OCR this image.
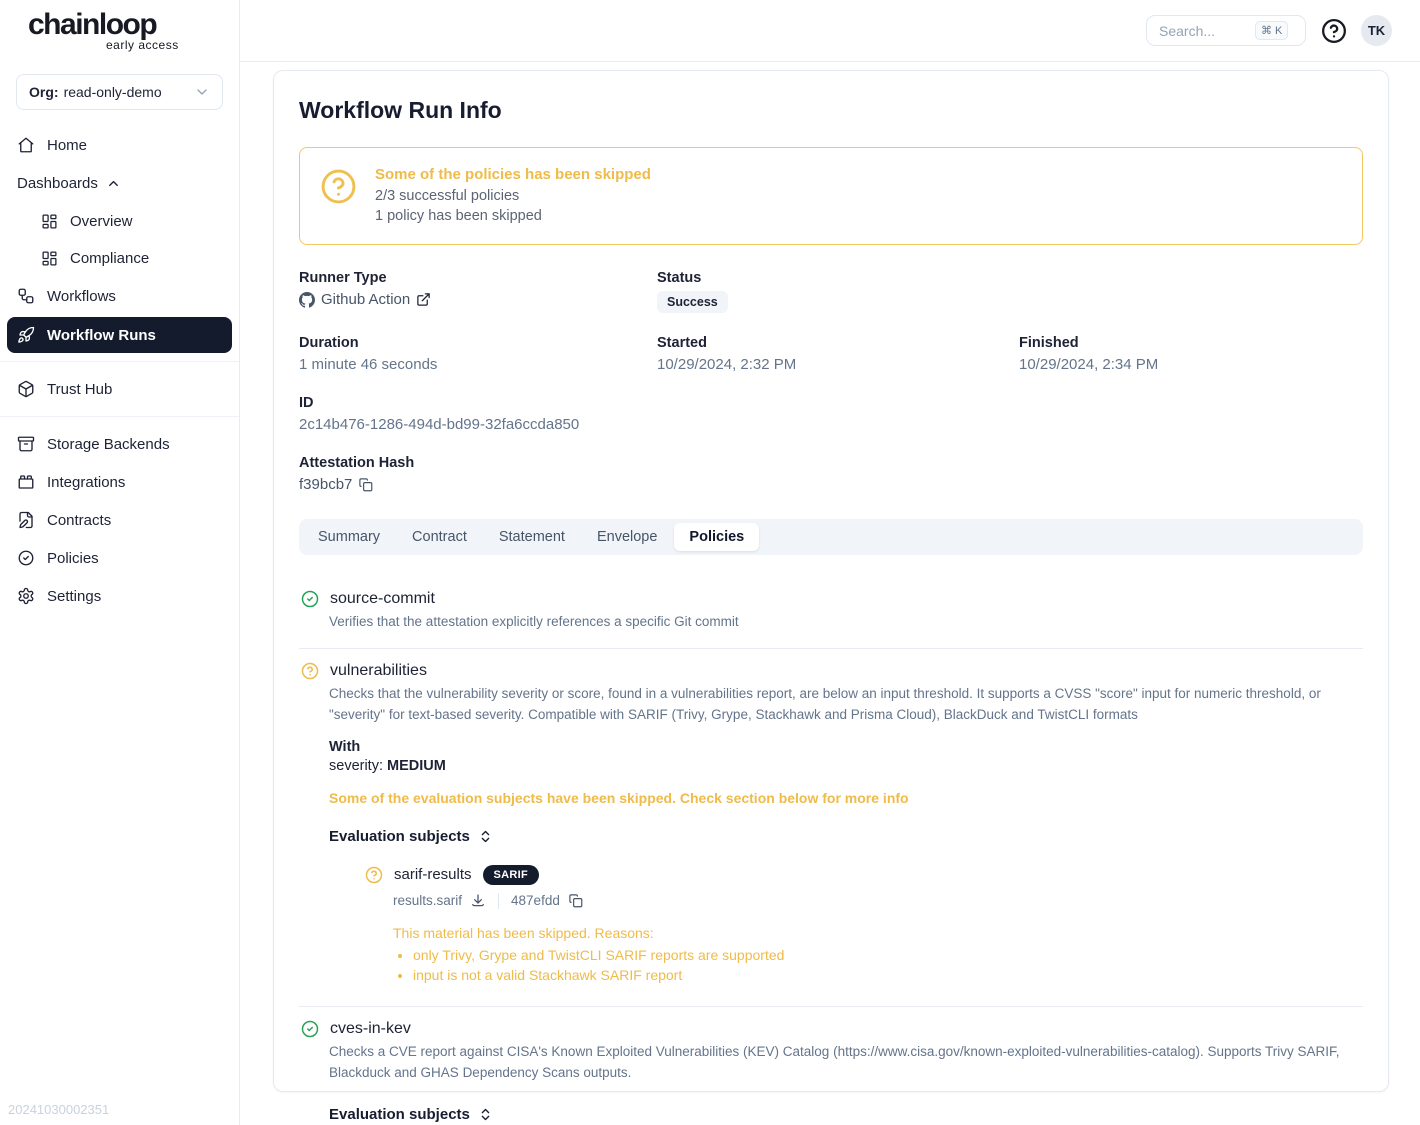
chainloop
early access
Org: read-only-demo
Home
Dashboards
Overview
Compliance
Workflows
Workflow Runs
Trust Hub
Storage Backends
Integrations
Contracts
Policies
Settings
20241030002351
Search...
⌘ K	TK
Workflow Run Info
Some of the policies has been skipped
2/3 successful policies
1 policy has been skipped
Runner Type
Github Action
Status
Success
Duration
1 minute 46 seconds
Started
10/29/2024, 2:32 PM
Finished
10/29/2024, 2:34 PM
ID
2c14b476-1286-494d-bd99-32fa6ccda850
Attestation Hash
f39bcb7
Summary	Contract	Statement	Envelope	Policies
source-commit

Verifies that the attestation explicitly references a specific Git commit

vulnerabilities

Checks that the vulnerability severity or score, found in a vulnerabilities report, are below an input threshold. It supports a CVSS "score" input for numeric threshold, or "severity" for text-based severity. Compatible with SARIF (Trivy, Grype, Stackhawk and Prisma Cloud), BlackDuck and TwistCLI formats

With
severity: MEDIUM
Some of the evaluation subjects have been skipped. Check section below for more info
Evaluation subjects
sarif-results	SARIF
results.sarif	487efdd
This material has been skipped. Reasons:
• only Trivy, Grype and TwistCLI SARIF reports are supported
• input is not a valid Stackhawk SARIF report
cves-in-kev

Checks a CVE report against CISA's Known Exploited Vulnerabilities (KEV) Catalog (https://www.cisa.gov/known-exploited-vulnerabilities-catalog). Supports Trivy SARIF, Blackduck and GHAS Dependency Scans outputs.

Evaluation subjects
